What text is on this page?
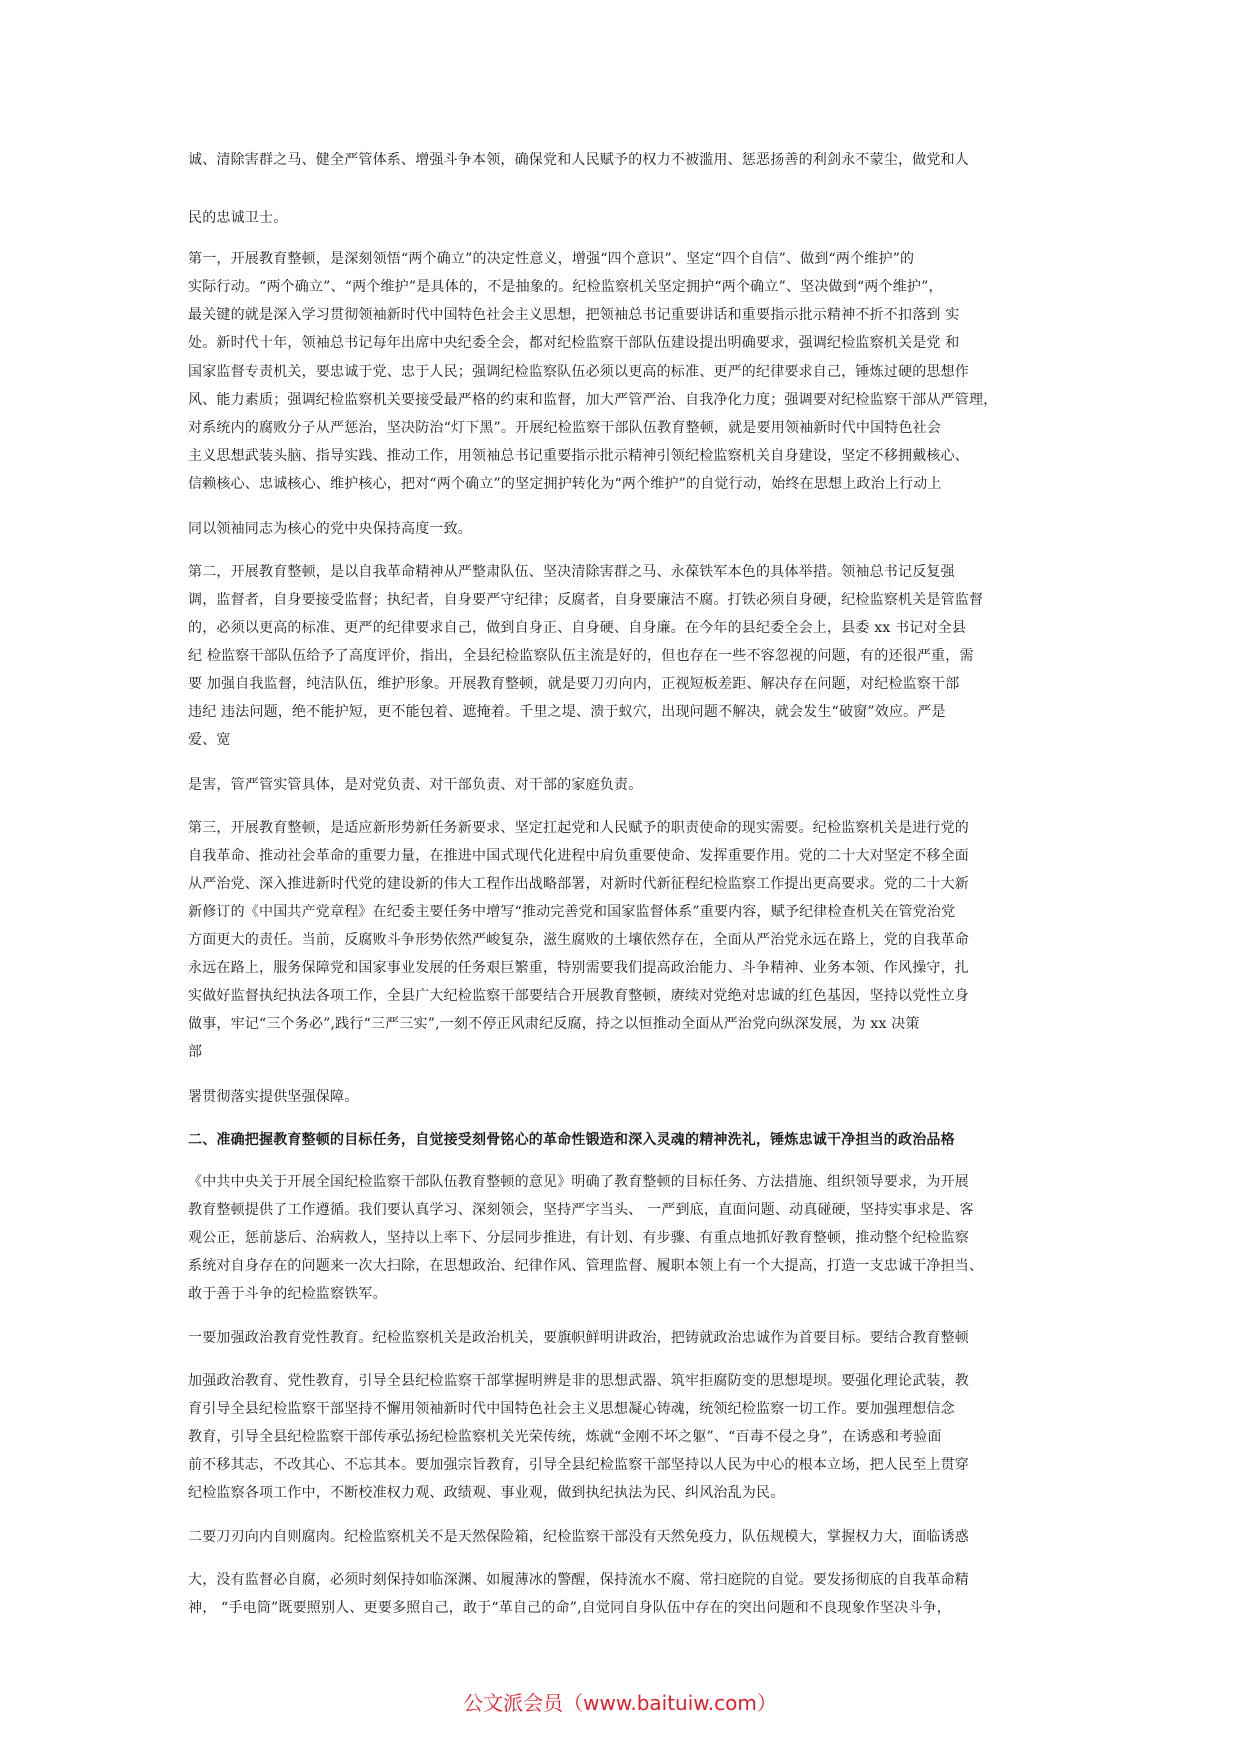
诚、清除害群之马、健全严管体系、增强斗争本领，确保党和人民赋予的权力不被滥用、惩恶扬善的利剑永不蒙尘，做党和人
民的忠诚卫士。
第一，开展教育整顿，是深刻领悟“两个确立”的决定性意义，增强“四个意识”、坚定“四个自信”、做到“两个维护”的
实际行动。“两个确立”、“两个维护”是具体的，不是抽象的。纪检监察机关坚定拥护“两个确立”、坚决做到“两个维护”，
最关键的就是深入学习贯彻领袖新时代中国特色社会主义思想，把领袖总书记重要讲话和重要指示批示精神不折不扣落到 实
处。新时代十年，领袖总书记每年出席中央纪委全会，都对纪检监察干部队伍建设提出明确要求，强调纪检监察机关是党 和
国家监督专责机关，要忠诚于党、忠于人民；强调纪检监察队伍必须以更高的标准、更严的纪律要求自己，锤炼过硬的思想作
风、能力素质；强调纪检监察机关要接受最严格的约束和监督，加大严管严治、自我净化力度；强调要对纪检监察干部从严管理，
对系统内的腐败分子从严惩治，坚决防治“灯下黑”。开展纪检监察干部队伍教育整顿，就是要用领袖新时代中国特色社会
主义思想武装头脑、指导实践、推动工作，用领袖总书记重要指示批示精神引领纪检监察机关自身建设，坚定不移拥戴核心、
信赖核心、忠诚核心、维护核心，把对“两个确立”的坚定拥护转化为“两个维护”的自觉行动，始终在思想上政治上行动上
同以领袖同志为核心的党中央保持高度一致。
第二，开展教育整顿，是以自我革命精神从严整肃队伍、坚决清除害群之马、永葆铁军本色的具体举措。领袖总书记反复强
调，监督者，自身要接受监督；执纪者，自身要严守纪律；反腐者，自身要廉洁不腐。打铁必须自身硬，纪检监察机关是管监督
的，必须以更高的标准、更严的纪律要求自己，做到自身正、自身硬、自身廉。在今年的县纪委全会上，县委 xx 书记对全县
纪 检监察干部队伍给予了高度评价，指出，全县纪检监察队伍主流是好的，但也存在一些不容忽视的问题，有的还很严重，需
要 加强自我监督，纯洁队伍，维护形象。开展教育整顿，就是要刀刃向内，正视短板差距、解决存在问题，对纪检监察干部
违纪 违法问题，绝不能护短，更不能包着、遮掩着。千里之堤、溃于蚁穴，出现问题不解决，就会发生“破窗”效应。严是
爱、宽
是害，管严管实管具体，是对党负责、对干部负责、对干部的家庭负责。
第三，开展教育整顿，是适应新形势新任务新要求、坚定扛起党和人民赋予的职责使命的现实需要。纪检监察机关是进行党的
自我革命、推动社会革命的重要力量，在推进中国式现代化进程中肩负重要使命、发挥重要作用。党的二十大对坚定不移全面
从严治党、深入推进新时代党的建设新的伟大工程作出战略部署，对新时代新征程纪检监察工作提出更高要求。党的二十大新
新修订的《中国共产党章程》在纪委主要任务中增写“推动完善党和国家监督体系”重要内容，赋予纪律检查机关在管党治党
方面更大的责任。当前，反腐败斗争形势依然严峻复杂，滋生腐败的土壤依然存在，全面从严治党永远在路上，党的自我革命
永远在路上，服务保障党和国家事业发展的任务艰巨繁重，特别需要我们提高政治能力、斗争精神、业务本领、作风操守，扎
实做好监督执纪执法各项工作，全县广大纪检监察干部要结合开展教育整顿，赓续对党绝对忠诚的红色基因，坚持以党性立身
做事，牢记“三个务必”,践行“三严三实”,一刻不停正风肃纪反腐，持之以恒推动全面从严治党向纵深发展，为 xx 决策
部
署贯彻落实提供坚强保障。
二、准确把握教育整顿的目标任务，自觉接受刻骨铭心的革命性锻造和深入灵魂的精神洗礼，锤炼忠诚干净担当的政治品格
《中共中央关于开展全国纪检监察干部队伍教育整顿的意见》明确了教育整顿的目标任务、方法措施、组织领导要求，为开展
教育整顿提供了工作遵循。我们要认真学习、深刻领会，坚持严字当头、 一严到底，直面问题、动真碰硬，坚持实事求是、客
观公正，惩前毖后、治病救人，坚持以上率下、分层同步推进，有计划、有步骤、有重点地抓好教育整顿，推动整个纪检监察
系统对自身存在的问题来一次大扫除，在思想政治、纪律作风、管理监督、履职本领上有一个大提高，打造一支忠诚干净担当、
敢于善于斗争的纪检监察铁军。
一要加强政治教育党性教育。纪检监察机关是政治机关，要旗帜鲜明讲政治，把铸就政治忠诚作为首要目标。要结合教育整顿
加强政治教育、党性教育，引导全县纪检监察干部掌握明辨是非的思想武器、筑牢拒腐防变的思想堤坝。要强化理论武装，教
育引导全县纪检监察干部坚持不懈用领袖新时代中国特色社会主义思想凝心铸魂，统领纪检监察一切工作。要加强理想信念
教育，引导全县纪检监察干部传承弘扬纪检监察机关光荣传统，炼就“金刚不坏之躯”、“百毒不侵之身”，在诱惑和考验面
前不移其志，不改其心、不忘其本。要加强宗旨教育，引导全县纪检监察干部坚持以人民为中心的根本立场，把人民至上贯穿
纪检监察各项工作中，不断校准权力观、政绩观、事业观，做到执纪执法为民、纠风治乱为民。
二要刀刃向内自则腐肉。纪检监察机关不是天然保险箱，纪检监察干部没有天然免疫力，队伍规模大，掌握权力大，面临诱惑
大，没有监督必自腐，必须时刻保持如临深渊、如履薄冰的警醒，保持流水不腐、常扫庭院的自觉。要发扬彻底的自我革命精
神， “手电筒”既要照别人、更要多照自己，敢于“革自己的命”,自觉同自身队伍中存在的突出问题和不良现象作坚决斗争，
公文派会员（www.baituiw.com）
